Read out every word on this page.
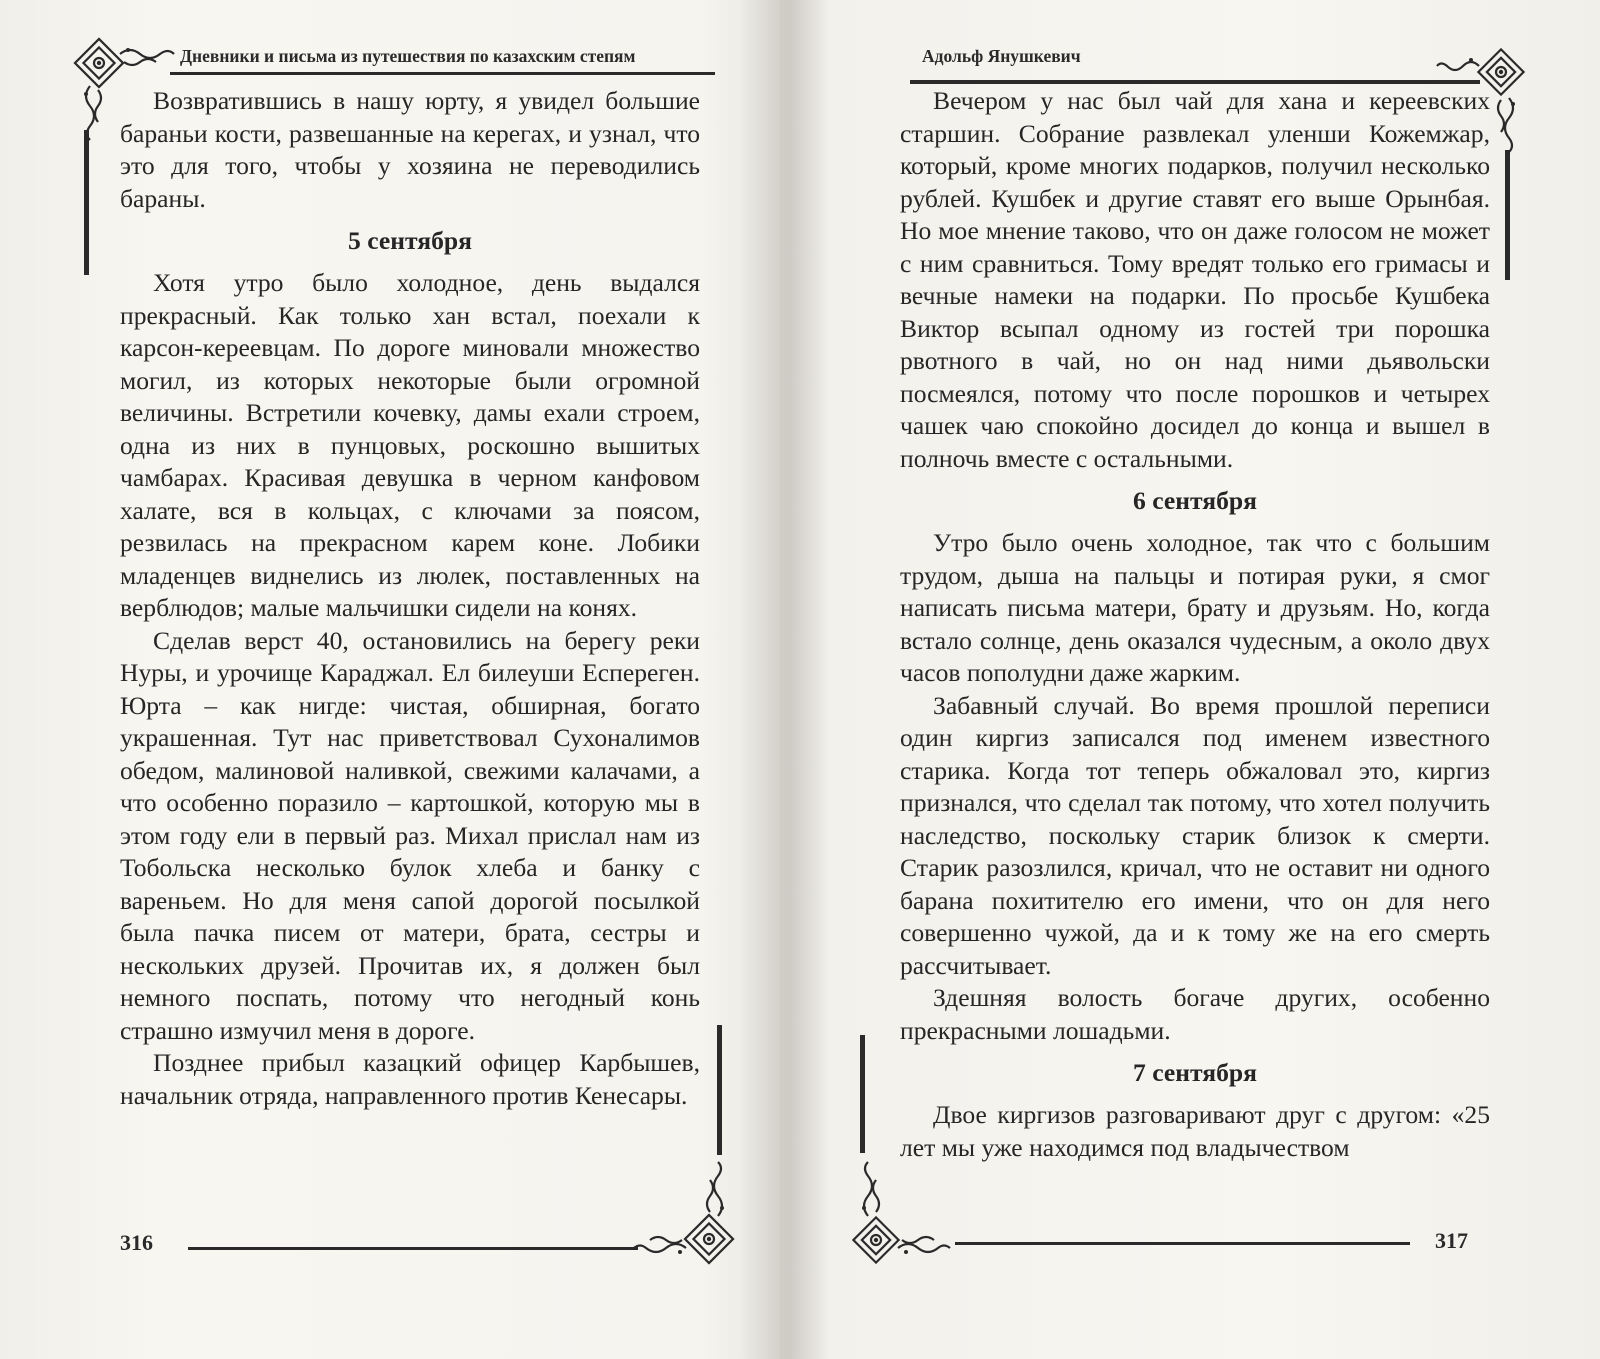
Дневники и письма из путешествия по казахским степям

Возвратившись в нашу юрту, я увидел большие бараньи кости, развешанные на керегах, и узнал, что это для того, чтобы у хозяина не переводились бараны.

5 сентября

Хотя утро было холодное, день выдался прекрасный. Как только хан встал, поехали к карсон-кереевцам. По дороге миновали множество могил, из которых некоторые были огромной величины. Встретили кочевку, дамы ехали строем, одна из них в пунцовых, роскошно вышитых чамбарах. Красивая девушка в черном канфовом халате, вся в кольцах, с ключами за поясом, резвилась на прекрасном карем коне. Лобики младенцев виднелись из люлек, поставленных на верблюдов; малые мальчишки сидели на конях.

Сделав верст 40, остановились на берегу реки Нуры, и урочище Караджал. Ел билеуши Еспереген. Юрта – как нигде: чистая, обширная, богато украшенная. Тут нас приветствовал Сухоналимов обедом, малиновой наливкой, свежими калачами, а что особенно поразило – картошкой, которую мы в этом году ели в первый раз. Михал прислал нам из Тобольска несколько булок хлеба и банку с вареньем. Но для меня сапой дорогой посылкой была пачка писем от матери, брата, сестры и нескольких друзей. Прочитав их, я должен был немного поспать, потому что негодный конь страшно измучил меня в дороге.

Позднее прибыл казацкий офицер Карбышев, начальник отряда, направленного против Кенесары.

316
Адольф Янушкевич

Вечером у нас был чай для хана и кереевских старшин. Собрание развлекал уленши Кожемжар, который, кроме многих подарков, получил несколько рублей. Кушбек и другие ставят его выше Орынбая. Но мое мнение таково, что он даже голосом не может с ним сравниться. Тому вредят только его гримасы и вечные намеки на подарки. По просьбе Кушбека Виктор всыпал одному из гостей три порошка рвотного в чай, но он над ними дьявольски посмеялся, потому что после порошков и четырех чашек чаю спокойно досидел до конца и вышел в полночь вместе с остальными.

6 сентября

Утро было очень холодное, так что с большим трудом, дыша на пальцы и потирая руки, я смог написать письма матери, брату и друзьям. Но, когда встало солнце, день оказался чудесным, а около двух часов пополудни даже жарким.

Забавный случай. Во время прошлой переписи один киргиз записался под именем известного старика. Когда тот теперь обжаловал это, киргиз признался, что сделал так потому, что хотел получить наследство, поскольку старик близок к смерти. Старик разозлился, кричал, что не оставит ни одного барана похитителю его имени, что он для него совершенно чужой, да и к тому же на его смерть рассчитывает.

Здешняя волость богаче других, особенно прекрасными лошадьми.

7 сентября

Двое киргизов разговаривают друг с другом: «25 лет мы уже находимся под владычеством

317
